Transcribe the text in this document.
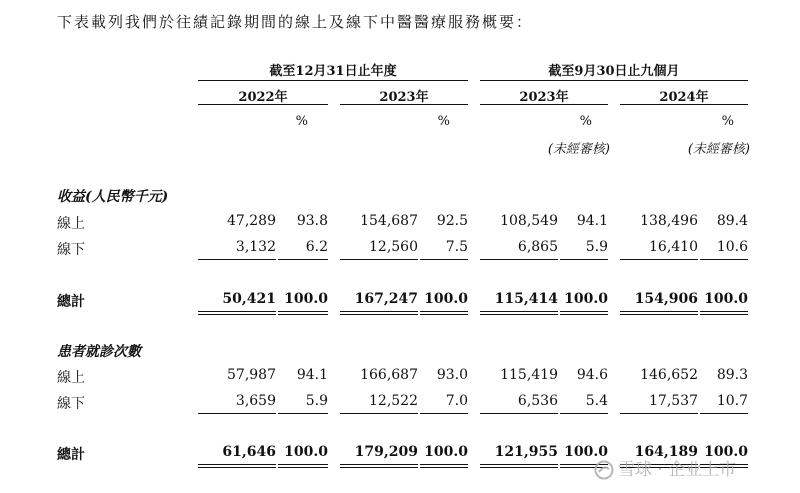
下表載列我們於往績記錄期間的線上及線下中醫醫療服務概要：
截至12月31日止年度	截至9月30日止九個月
2022年	2023年	2023年	2024年
%	%	%	%
(未經審核)	(未經審核)
收益(人民幣千元)
線上	47,289	93.8	154,687	92.5	108,549	94.1	138,496	89.4
線下	3,132	6.2	12,560	7.5	6,865	5.9	16,410	10.6
總計	50,421 100.0	167,247 100.0	115,414 100.0	154,906 100.0
患者就診次數
線上	57,987	94.1	166,687	93.0	115,419	94.6	146,652	89.3
線下	3,659	5.9	12,522	7.0	6,536	5.4	17,537	10.7
總計	61,646 100.0	179,209 100.0	121,955 100.0	164,189 100.0
雪球 · 企业上市
